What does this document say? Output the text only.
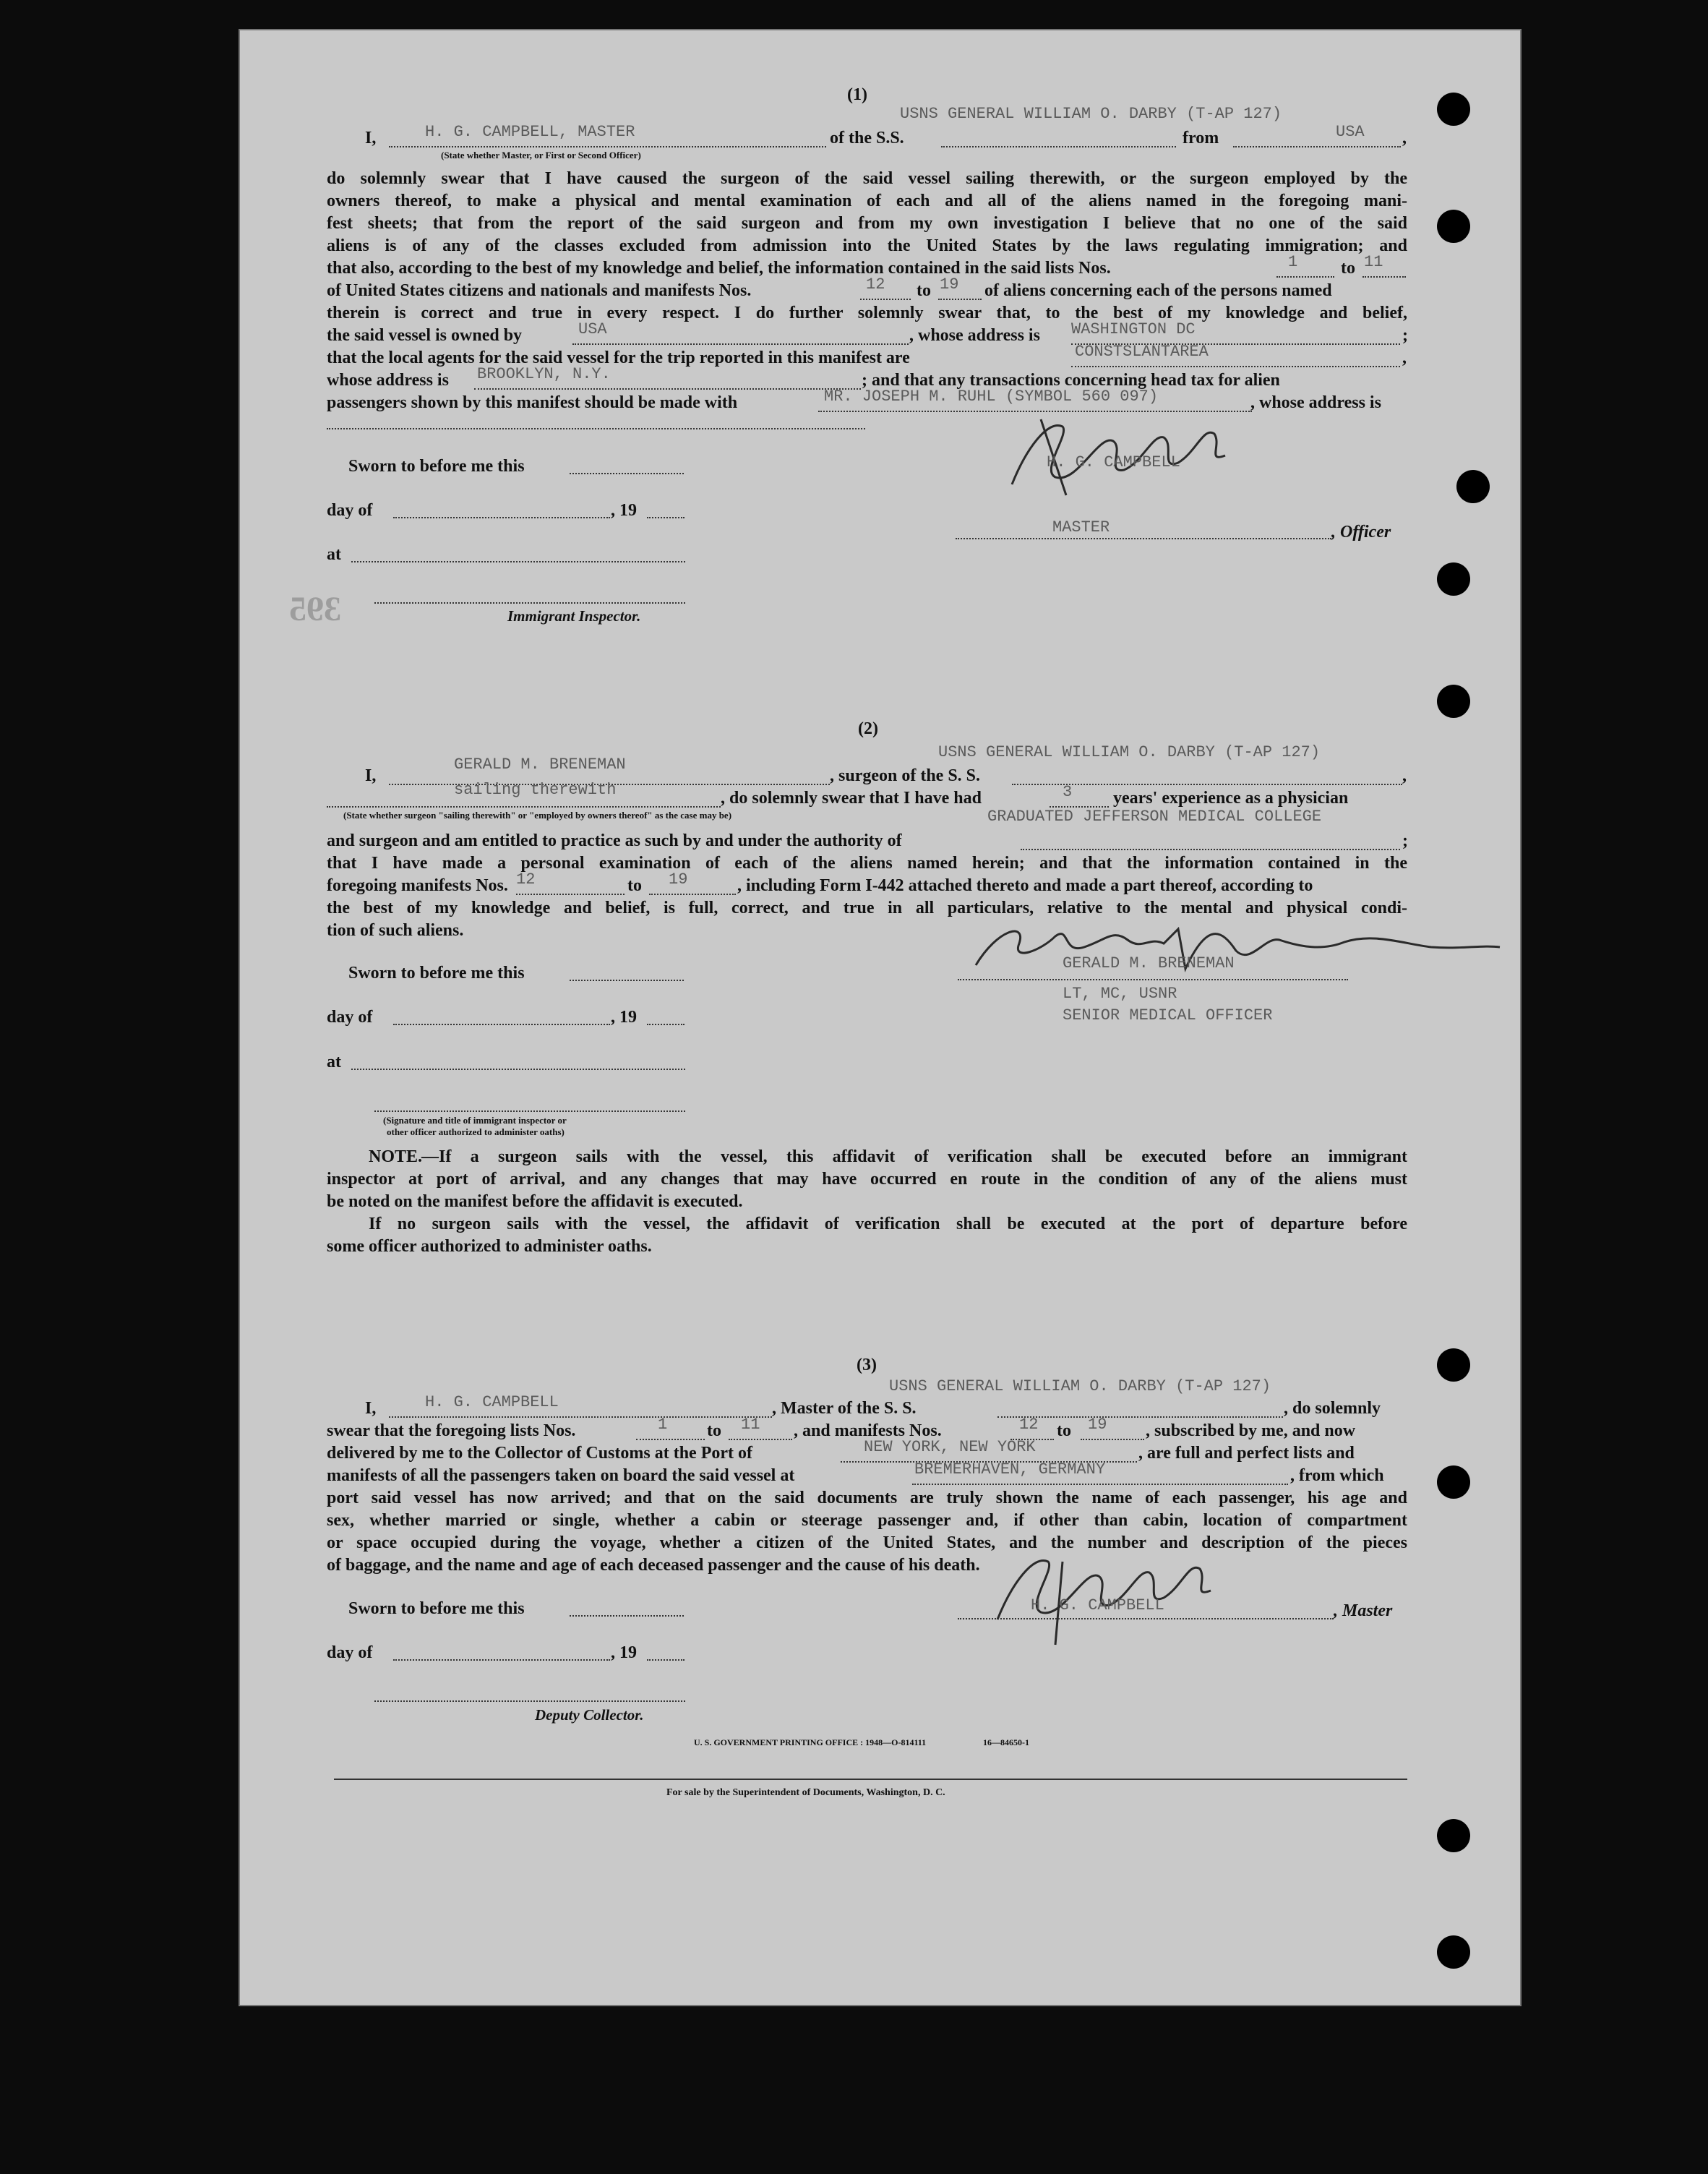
395
(1)
USNS GENERAL WILLIAM O. DARBY (T-AP 127)
I,	H. G. CAMPBELL, MASTER	of the S.S.	from	USA ,
(State whether Master, or First or Second Officer)
do solemnly swear that I have caused the surgeon of the said vessel sailing therewith, or the surgeon employed by the
owners thereof, to make a physical and mental examination of each and all of the aliens named in the foregoing mani-
fest sheets; that from the report of the said surgeon and from my own investigation I believe that no one of the said
aliens is of any of the classes excluded from admission into the United States by the laws regulating immigration; and
that also, according to the best of my knowledge and belief, the information contained in the said lists Nos.	1 to 11
of United States citizens and nationals and manifests Nos.	12 to 19 of aliens concerning each of the persons named
therein is correct and true in every respect. I do further solemnly swear that, to the best of my knowledge and belief,
the said vessel is owned by	USA	, whose address is WASHINGTON DC	;
that the local agents for the said vessel for the trip reported in this manifest are	CONSTSLANTAREA	,
whose address is BROOKLYN, N.Y.	; and that any transactions concerning head tax for alien
passengers shown by this manifest should be made with	MR. JOSEPH M. RUHL (SYMBOL 560 097)	, whose address is
Sworn to before me this
day of	, 19
at
Immigrant Inspector.
H. G. CAMPBELL
MASTER	, Officer
(2)
USNS GENERAL WILLIAM O. DARBY (T-AP 127)
I,
GERALD M. BRENEMAN
, surgeon of the S. S.	,
sailing therewith	, do solemnly swear that I have had	3 years' experience as a physician
(State whether surgeon "sailing therewith" or "employed by owners thereof" as the case may be)	GRADUATED JEFFERSON MEDICAL COLLEGE
and surgeon and am entitled to practice as such by and under the authority of	;
that I have made a personal examination of each of the aliens named herein; and that the information contained in the
foregoing manifests Nos. 12	to 19	, including Form I-442 attached thereto and made a part thereof, according to
the best of my knowledge and belief, is full, correct, and true in all particulars, relative to the mental and physical condi-
tion of such aliens.
Sworn to before me this
day of	, 19
at
(Signature and title of immigrant inspector or
other officer authorized to administer oaths)
GERALD M. BRENEMAN
LT, MC, USNR
SENIOR MEDICAL OFFICER
NOTE.
—If a surgeon sails with the vessel, this affidavit of verification shall be executed before an immigrant
inspector at port of arrival, and any changes that may have occurred en route in the condition of any of the aliens must
be noted on the manifest before the affidavit is executed.
If no surgeon sails with the vessel, the affidavit of verification shall be executed at the port of departure before
some officer authorized to administer oaths.
(3)
USNS GENERAL WILLIAM O. DARBY (T-AP 127)
I,	H. G. CAMPBELL	, Master of the S. S.	, do solemnly
swear that the foregoing lists Nos.	1 to 11 , and manifests Nos.	12 to 19 , subscribed by me, and now
delivered by me to the Collector of Customs at the Port of	NEW YORK, NEW YORK	, are full and perfect lists and
manifests of all the passengers taken on board the said vessel at	BREMERHAVEN, GERMANY	, from which
port said vessel has now arrived; and that on the said documents are truly shown the name of each passenger, his age and
sex, whether married or single, whether a cabin or steerage passenger and, if other than cabin, location of compartment
or space occupied during the voyage, whether a citizen of the United States, and the number and description of the pieces
of baggage, and the name and age of each deceased passenger and the cause of his death.
Sworn to before me this
day of	, 19
Deputy Collector.
H. G. CAMPBELL	, Master
U. S. GOVERNMENT PRINTING OFFICE : 1948—O-814111	16—84650-1
For sale by the Superintendent of Documents, Washington, D. C.
